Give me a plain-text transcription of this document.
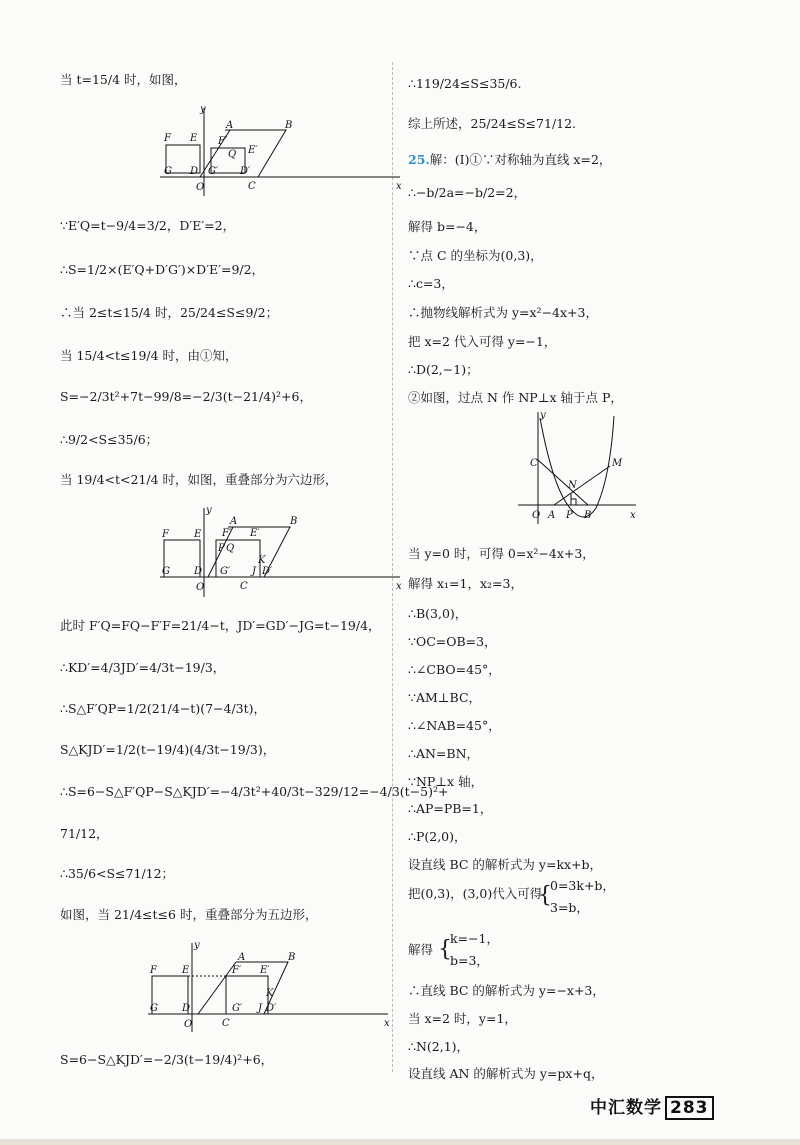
当 t=15/4 时，如图，
y
x
O
F E
G D
F′
A	B
Q E′
G′ D′
C
∵E′Q=t−9/4=3/2，D′E′=2，
∴S=1/2×(E′Q+D′G′)×D′E′=9/2，
∴当 2≤t≤15/4 时，25/24≤S≤9/2；
当 15/4<t≤19/4 时，由①知，
S=−2/3t²+7t−99/8=−2/3(t−21/4)²+6，
∴9/2<S≤35/6；
当 19/4<t<21/4 时，如图，重叠部分为六边形，
y
x
O
F	E
G D
F′
A	B
E′
P Q
K
G′ J D′
C
此时 F′Q=FQ−F′F=21/4−t，JD′=GD′−JG=t−19/4，
∴KD′=4/3JD′=4/3t−19/3，
∴S△F′QP=1/2(21/4−t)(7−4/3t)，
S△KJD′=1/2(t−19/4)(4/3t−19/3)，
∴S=6−S△F′QP−S△KJD′=−4/3t²+40/3t−329/12=−4/3(t−5)²+
71/12，
∴35/6<S≤71/12；
如图，当 21/4≤t≤6 时，重叠部分为五边形，
y
x
O
F	E
G D
F′
A	B
E′
K
G′ J D′
C
S=6−S△KJD′=−2/3(t−19/4)²+6，
∴119/24≤S≤35/6.
综上所述，25/24≤S≤71/12.
25.解：(Ⅰ)①∵对称轴为直线 x=2，
∴−b/2a=−b/2=2，
解得 b=−4，
∵点 C 的坐标为(0,3)，
∴c=3，
∴抛物线解析式为 y=x²−4x+3，
把 x=2 代入可得 y=−1，
∴D(2,−1)；
②如图，过点 N 作 NP⊥x 轴于点 P，
y
x
O
C	M
N
A P B
当 y=0 时，可得 0=x²−4x+3，
解得 x₁=1，x₂=3，
∴B(3,0)，
∵OC=OB=3，
∴∠CBO=45°，
∵AM⊥BC，
∴∠NAB=45°，
∴AN=BN，
∵NP⊥x 轴，
∴AP=PB=1，
∴P(2,0)，
设直线 BC 的解析式为 y=kx+b，
把(0,3)，(3,0)代入可得
{
0=3k+b，
3=b，
解得 {
k=−1，
b=3，
∴直线 BC 的解析式为 y=−x+3，
当 x=2 时，y=1，
∴N(2,1)，
设直线 AN 的解析式为 y=px+q，
中汇数学 283
